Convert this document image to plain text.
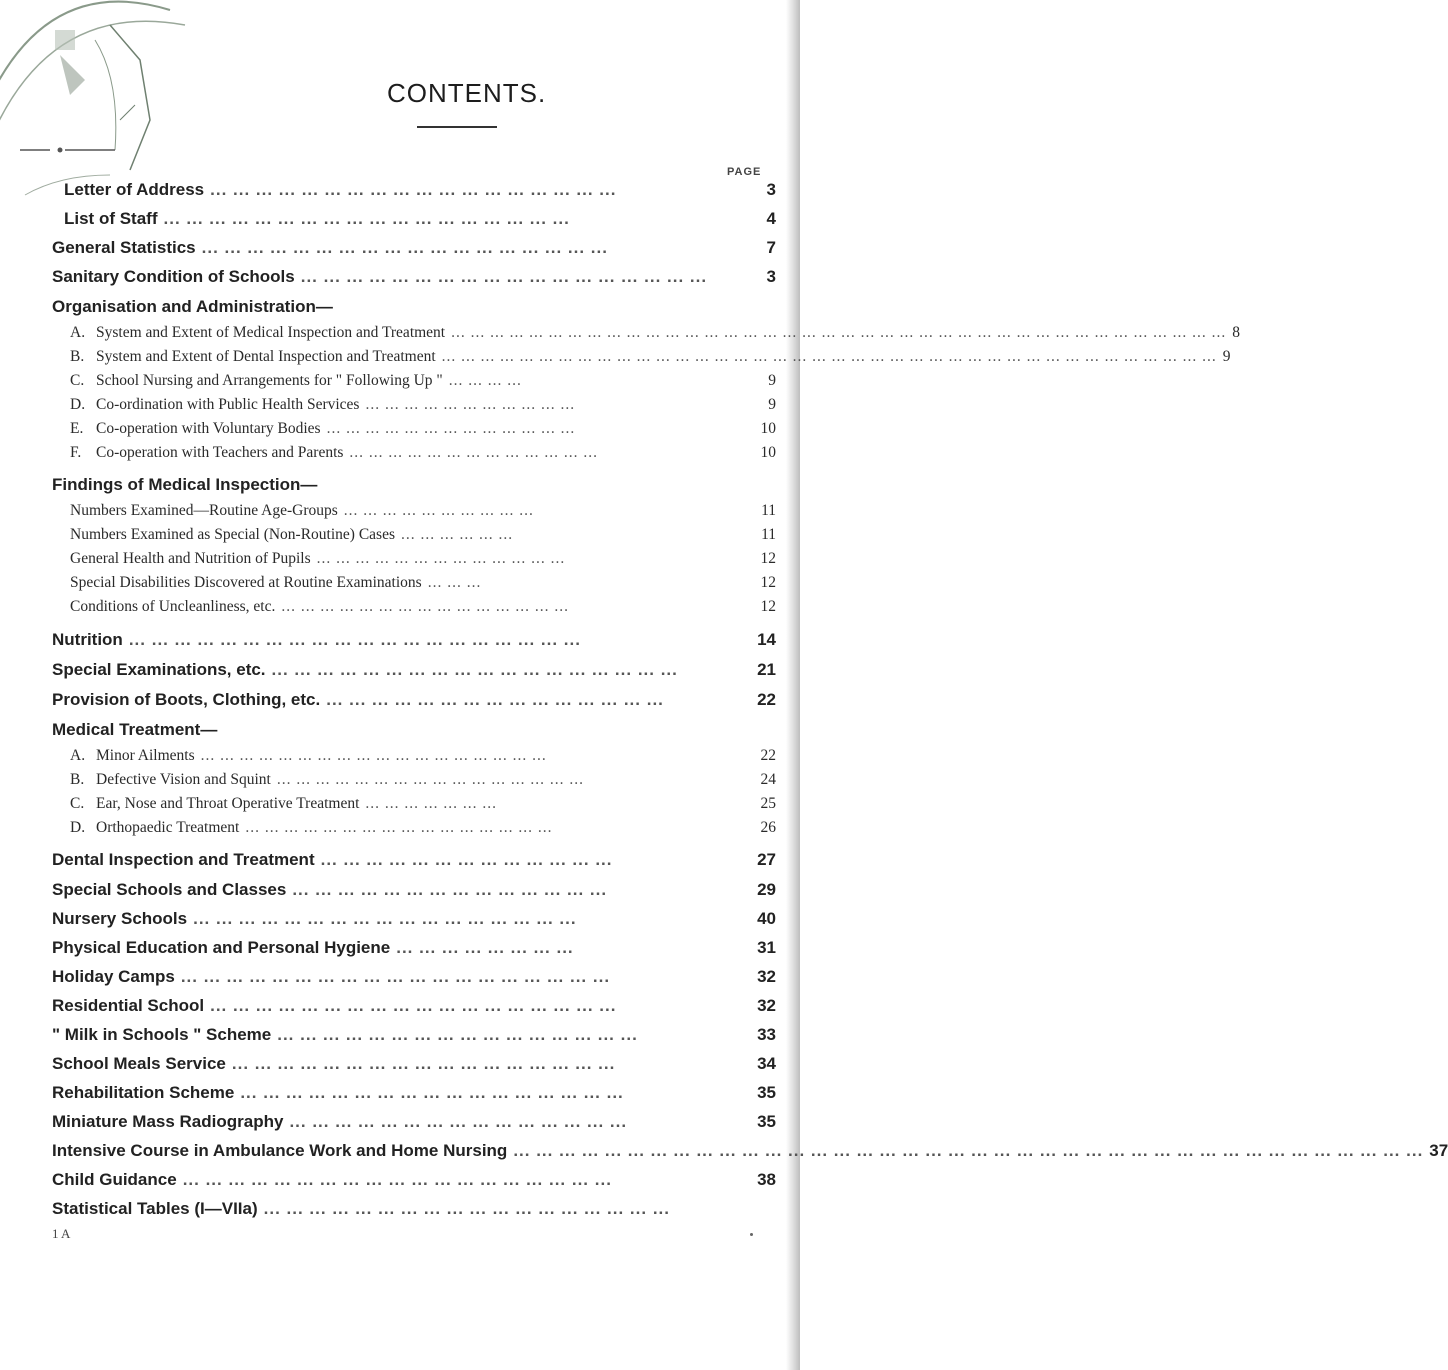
CONTENTS.
PAGE
Letter of Address ... ... ... ... ... ... ... ... ... ... ... ... ... ... ... ... ... ...	3
List of Staff ... ... ... ... ... ... ... ... ... ... ... ... ... ... ... ... ... ...	4
General Statistics ... ... ... ... ... ... ... ... ... ... ... ... ... ... ... ... ... ...	7
Sanitary Condition of Schools ... ... ... ... ... ... ... ... ... ... ... ... ... ... ... ... ... ...	3
Organisation and Administration—
A. System and Extent of Medical Inspection and Treatment ... ... ... ... ... ... ... ... ... ... ... ... ... ... ... ... ... ... ... ... ... ... ... ... ... ... ... ... ... ... ... ... ... ... ... ... ... ... ... ... 8
B. System and Extent of Dental Inspection and Treatment ... ... ... ... ... ... ... ... ... ... ... ... ... ... ... ... ... ... ... ... ... ... ... ... ... ... ... ... ... ... ... ... ... ... ... ... ... ... ... ... 9
C. School Nursing and Arrangements for " Following Up " ... ... ... ...	9
D. Co-ordination with Public Health Services ... ... ... ... ... ... ... ... ... ... ...	9
E. Co-operation with Voluntary Bodies ... ... ... ... ... ... ... ... ... ... ... ... ...	10
F. Co-operation with Teachers and Parents ... ... ... ... ... ... ... ... ... ... ... ... ...	10
Findings of Medical Inspection—
Numbers Examined—Routine Age-Groups ... ... ... ... ... ... ... ... ... ...	11
Numbers Examined as Special (Non-Routine) Cases ... ... ... ... ... ...	11
General Health and Nutrition of Pupils ... ... ... ... ... ... ... ... ... ... ... ... ...	12
Special Disabilities Discovered at Routine Examinations ... ... ...	12
Conditions of Uncleanliness, etc. ... ... ... ... ... ... ... ... ... ... ... ... ... ... ...	12
Nutrition ... ... ... ... ... ... ... ... ... ... ... ... ... ... ... ... ... ... ... ...	14
Special Examinations, etc. ... ... ... ... ... ... ... ... ... ... ... ... ... ... ... ... ... ...	21
Provision of Boots, Clothing, etc. ... ... ... ... ... ... ... ... ... ... ... ... ... ... ...	22
Medical Treatment—
A. Minor Ailments ... ... ... ... ... ... ... ... ... ... ... ... ... ... ... ... ... ...	22
B. Defective Vision and Squint ... ... ... ... ... ... ... ... ... ... ... ... ... ... ... ...	24
C. Ear, Nose and Throat Operative Treatment ... ... ... ... ... ... ...	25
D. Orthopaedic Treatment ... ... ... ... ... ... ... ... ... ... ... ... ... ... ... ...	26
Dental Inspection and Treatment ... ... ... ... ... ... ... ... ... ... ... ... ...	27
Special Schools and Classes ... ... ... ... ... ... ... ... ... ... ... ... ... ...	29
Nursery Schools ... ... ... ... ... ... ... ... ... ... ... ... ... ... ... ... ...	40
Physical Education and Personal Hygiene ... ... ... ... ... ... ... ...	31
Holiday Camps ... ... ... ... ... ... ... ... ... ... ... ... ... ... ... ... ... ... ...	32
Residential School ... ... ... ... ... ... ... ... ... ... ... ... ... ... ... ... ... ...	32
" Milk in Schools " Scheme ... ... ... ... ... ... ... ... ... ... ... ... ... ... ... ...	33
School Meals Service ... ... ... ... ... ... ... ... ... ... ... ... ... ... ... ... ...	34
Rehabilitation Scheme ... ... ... ... ... ... ... ... ... ... ... ... ... ... ... ... ...	35
Miniature Mass Radiography ... ... ... ... ... ... ... ... ... ... ... ... ... ... ...	35
Intensive Course in Ambulance Work and Home Nursing ... ... ... ... ... ... ... ... ... ... ... ... ... ... ... ... ... ... ... ... ... ... ... ... ... ... ... ... ... ... ... ... ... ... ... ... ... ... ... ... 37
Child Guidance ... ... ... ... ... ... ... ... ... ... ... ... ... ... ... ... ... ... ...	38
Statistical Tables (I—VIIa) ... ... ... ... ... ... ... ... ... ... ... ... ... ... ... ... ... ...
1 A
